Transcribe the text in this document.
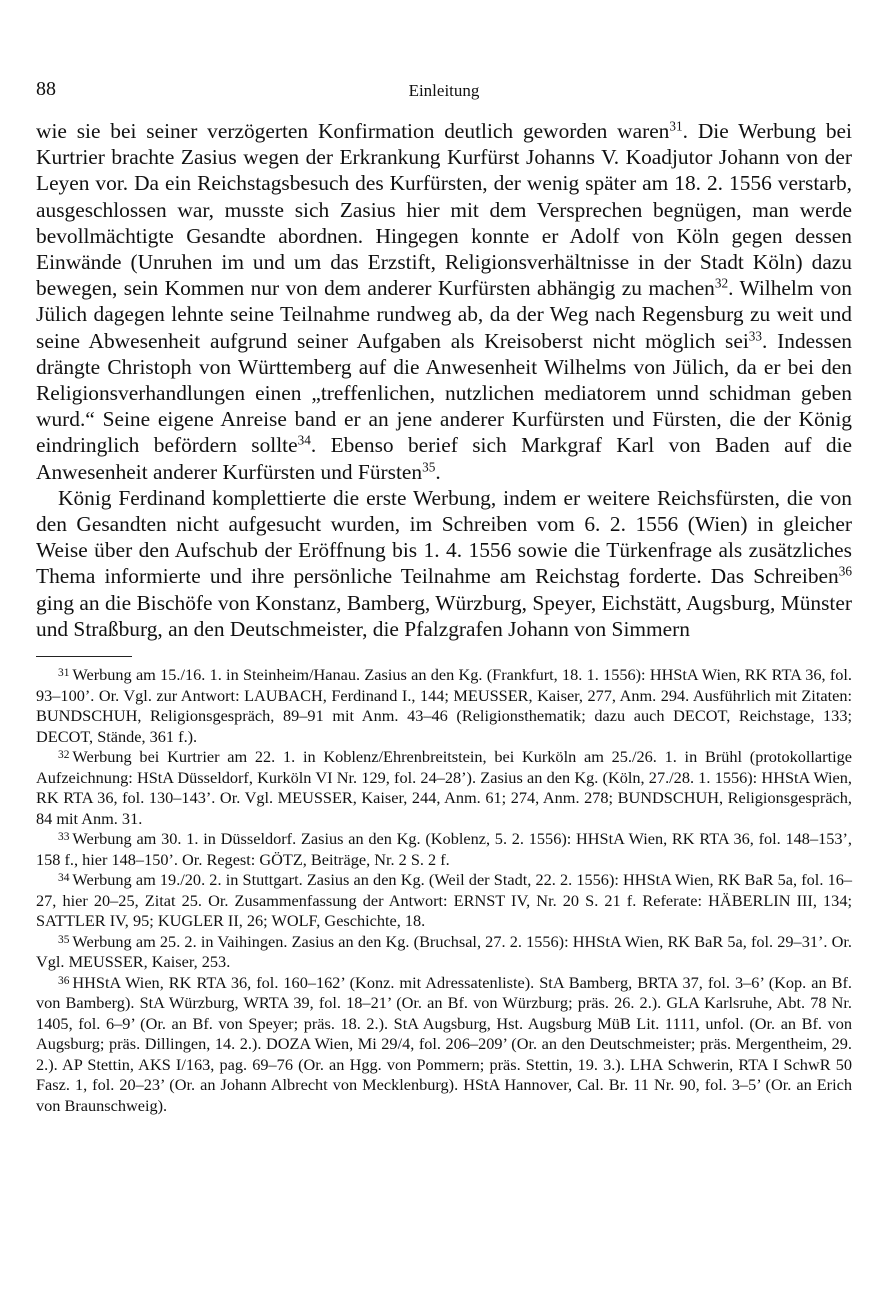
88	Einleitung

wie sie bei seiner verzögerten Konfirmation deutlich geworden waren$^{31}$. Die Werbung bei Kurtrier brachte Zasius wegen der Erkrankung Kurfürst Johanns V. Koadjutor Johann von der Leyen vor. Da ein Reichstagsbesuch des Kurfürsten, der wenig später am 18. 2. 1556 verstarb, ausgeschlossen war, musste sich Zasius hier mit dem Versprechen begnügen, man werde bevollmächtigte Gesandte abordnen. Hingegen konnte er Adolf von Köln gegen dessen Einwände (Unruhen im und um das Erzstift, Religionsverhältnisse in der Stadt Köln) dazu bewegen, sein Kommen nur von dem anderer Kurfürsten abhängig zu machen$^{32}$. Wilhelm von Jülich dagegen lehnte seine Teilnahme rundweg ab, da der Weg nach Regensburg zu weit und seine Abwesenheit aufgrund seiner Aufgaben als Kreisoberst nicht möglich sei$^{33}$. Indessen drängte Christoph von Württemberg auf die Anwesenheit Wilhelms von Jülich, da er bei den Religionsverhandlungen einen „treffenlichen, nutzlichen mediatorem unnd schidman geben wurd.“ Seine eigene Anreise band er an jene anderer Kurfürsten und Fürsten, die der König eindringlich befördern sollte$^{34}$. Ebenso berief sich Markgraf Karl von Baden auf die Anwesenheit anderer Kurfürsten und Fürsten$^{35}$.

König Ferdinand komplettierte die erste Werbung, indem er weitere Reichsfürsten, die von den Gesandten nicht aufgesucht wurden, im Schreiben vom 6. 2. 1556 (Wien) in gleicher Weise über den Aufschub der Eröffnung bis 1. 4. 1556 sowie die Türkenfrage als zusätzliches Thema informierte und ihre persönliche Teilnahme am Reichstag forderte. Das Schreiben$^{36}$ ging an die Bischöfe von Konstanz, Bamberg, Würzburg, Speyer, Eichstätt, Augsburg, Münster und Straßburg, an den Deutschmeister, die Pfalzgrafen Johann von Simmern

$^{31}$ Werbung am 15./16. 1. in Steinheim/Hanau. Zasius an den Kg. (Frankfurt, 18. 1. 1556): HHStA Wien, RK RTA 36, fol. 93–100’. Or. Vgl. zur Antwort: LAUBACH, Ferdinand I., 144; MEUSSER, Kaiser, 277, Anm. 294. Ausführlich mit Zitaten: BUNDSCHUH, Religionsgespräch, 89–91 mit Anm. 43–46 (Religionsthematik; dazu auch DECOT, Reichstage, 133; DECOT, Stände, 361 f.).

$^{32}$ Werbung bei Kurtrier am 22. 1. in Koblenz/Ehrenbreitstein, bei Kurköln am 25./26. 1. in Brühl (protokollartige Aufzeichnung: HStA Düsseldorf, Kurköln VI Nr. 129, fol. 24–28’). Zasius an den Kg. (Köln, 27./28. 1. 1556): HHStA Wien, RK RTA 36, fol. 130–143’. Or. Vgl. MEUSSER, Kaiser, 244, Anm. 61; 274, Anm. 278; BUNDSCHUH, Religionsgespräch, 84 mit Anm. 31.

$^{33}$ Werbung am 30. 1. in Düsseldorf. Zasius an den Kg. (Koblenz, 5. 2. 1556): HHStA Wien, RK RTA 36, fol. 148–153’, 158 f., hier 148–150’. Or. Regest: GÖTZ, Beiträge, Nr. 2 S. 2 f.

$^{34}$ Werbung am 19./20. 2. in Stuttgart. Zasius an den Kg. (Weil der Stadt, 22. 2. 1556): HHStA Wien, RK BaR 5a, fol. 16–27, hier 20–25, Zitat 25. Or. Zusammenfassung der Antwort: ERNST IV, Nr. 20 S. 21 f. Referate: HÄBERLIN III, 134; SATTLER IV, 95; KUGLER II, 26; WOLF, Geschichte, 18.

$^{35}$ Werbung am 25. 2. in Vaihingen. Zasius an den Kg. (Bruchsal, 27. 2. 1556): HHStA Wien, RK BaR 5a, fol. 29–31’. Or. Vgl. MEUSSER, Kaiser, 253.

$^{36}$ HHStA Wien, RK RTA 36, fol. 160–162’ (Konz. mit Adressatenliste). StA Bamberg, BRTA 37, fol. 3–6’ (Kop. an Bf. von Bamberg). StA Würzburg, WRTA 39, fol. 18–21’ (Or. an Bf. von Würzburg; präs. 26. 2.). GLA Karlsruhe, Abt. 78 Nr. 1405, fol. 6–9’ (Or. an Bf. von Speyer; präs. 18. 2.). StA Augsburg, Hst. Augsburg MüB Lit. 1111, unfol. (Or. an Bf. von Augsburg; präs. Dillingen, 14. 2.). DOZA Wien, Mi 29/4, fol. 206–209’ (Or. an den Deutschmeister; präs. Mergentheim, 29. 2.). AP Stettin, AKS I/163, pag. 69–76 (Or. an Hgg. von Pommern; präs. Stettin, 19. 3.). LHA Schwerin, RTA I SchwR 50 Fasz. 1, fol. 20–23’ (Or. an Johann Albrecht von Mecklenburg). HStA Hannover, Cal. Br. 11 Nr. 90, fol. 3–5’ (Or. an Erich von Braunschweig).
